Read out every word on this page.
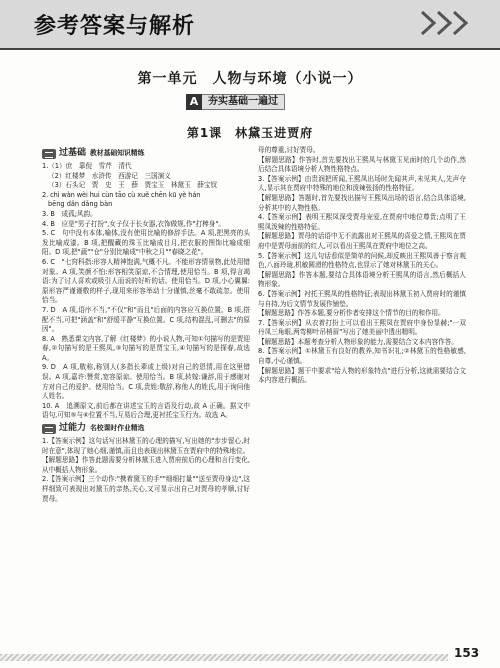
参考答案与解析
第一单元　人物与环境（小说一）
A 夯实基础一遍过
第1课　林黛玉进贾府
过基础 教材基础知识精练

1.（1）庶　靠倪　雪芹　清代

（2）红楼梦　水浒传　西游记　三国演义

（3）石头记　贾　史　王　薛　贾宝玉　林黛玉　薛宝钗

2. chì wàn wèi hui cùn tāo cù xuě chēn kū yè hán

bēng dǎn dǎng bàn

3. B　成孤;风韵。

4. B　应是"男子打扮",女子仅于长女器,衣饰做规,作"打棒身"。

5. C　句中没有本体,喻体,没有使用比喻的修辞手法。A 项,把黑亮的头发比喻成漆。B 项,把醒藏的珠玉比喻成目月,把衣服的图饰比喻成细阳。D 项,把"蔬""仓"分别比喻成"中秋之月""春晓之花"。

6. C　"七窍科指:形容人精神饱满,气概不凡。不能形容情景物,此处用错对象。A 项,笑颜不怕:形容相笑原谅,不合情理,使用恰当。B 项,得言竭语:为了讨人喜欢或吸引人而说的好听的话。使用恰当。D 项,小心翼翼:原形容严谨谨敬的样子,现用来形容举动十分谨慎,丝毫不敢疏忽。使用恰当。

7. D　A 项,语序不当,"不仅"和"而且"后面的内容应互换位置。B 项,搭配不当,可把"涵盖"和"舒缓平静"互换位置。C 项,结构混乱,可删去"的原因"。

8. A　熟悉课文内容,了解《红楼梦》的小说人物,可知①句描写的是贾迎春,②句描写的是王熙凤,③句描写的是贾宝玉,④句描写的是探春,故选 A。

9. D　A 项,敬称,称别人(多指长辈或上级)对自己的恩情,用在这里错误。A 项,嘉许:赞赏,宽容原谅。使用恰当。B 项,转嫁:谦辞,用于感谢对方对自己的爱护。使用恰当。C 项,贵姓:敬辞,称他人的姓氏,用于询问他人姓名。

10. A　追溯原文,前后都在讲述宝玉的言语及行动,故 A 正确。据文中语句,可知⑤与⑥位置不当,互易后合理,更衬托宝玉行为。故选 A。

过能力 名校课时作业精选

1.【答案示例】这句话写出林黛玉的心理的描写,写出她的"步步留心,时时在意",体现了她心细,谨慎,而且也表现出林黛玉在贾府中的特殊地位。

【解题思路】作答此题需要分析林黛玉进入贾府前后的心理和言行变化,从中概括人物形象。

2.【答案示例】三个动作:"携着黛玉的手""细细打量""送至贾母身边",这样细致可表现出对黛玉的亲热,关心,又可显示出自己对贾母的孝顺,讨好贾母。

母的尊重,讨好贾母。

【解题思路】作答时,首先要找出王熙凤与林黛玉见面时的几个动作,然后结合具体语境分析人物性格特点。

3.【答案示例】由贵润把所闻,王熙凤出场时先闻其声,未见其人,先声夺人,显示其在贾府中特殊的地位和泼辣张扬的性格特征。

【解题思路】答题时,首先要找出描写王熙凤出场的语言,结合具体语境,分析其中的人物性格。

4.【答案示例】表明王熙凤深受贾母宠爱,在贾府中地位尊贵;点明了王熙凤泼辣的性格特征。

【解题思路】贾母的话语中无不流露出对王熙凤的喜爱之情,王熙凤在贾府中是贾母面前的红人,可以看出王熙凤在贾府中地位之高。

5.【答案示例】这儿句话看似是简单的问候,却反映出王熙凤善于察言观色,八面玲珑,机敏圆滑的性格特点,也显示了她对林黛玉的关心。

【解题思路】作答本题,要结合具体语境分析王熙凤的语言,然后概括人物形象。

6.【答案示例】衬托王熙凤的性格特征;表现出林黛玉初入贾府时的谨慎与自持,为后文情节发展作铺垫。

【解题思路】作答本题,要分析作者安排这个情节的目的和作用。

7.【答案示例】从衣着打扮上可以看出王熙凤在贾府中身份显赫;"一双丹凤三角眼,两弯柳叶吊梢眉"写出了她美丽中透出精明。

【解题思路】本题考查分析人物形象的能力,需要结合文本内容作答。

8.【答案示例】①林黛玉有良好的教养,知书识礼;②林黛玉的性格敏感,自尊,小心谨慎。

【解题思路】题干中要求"给人物的形象特点"进行分析,这就需要结合文本内容进行概括。

153
